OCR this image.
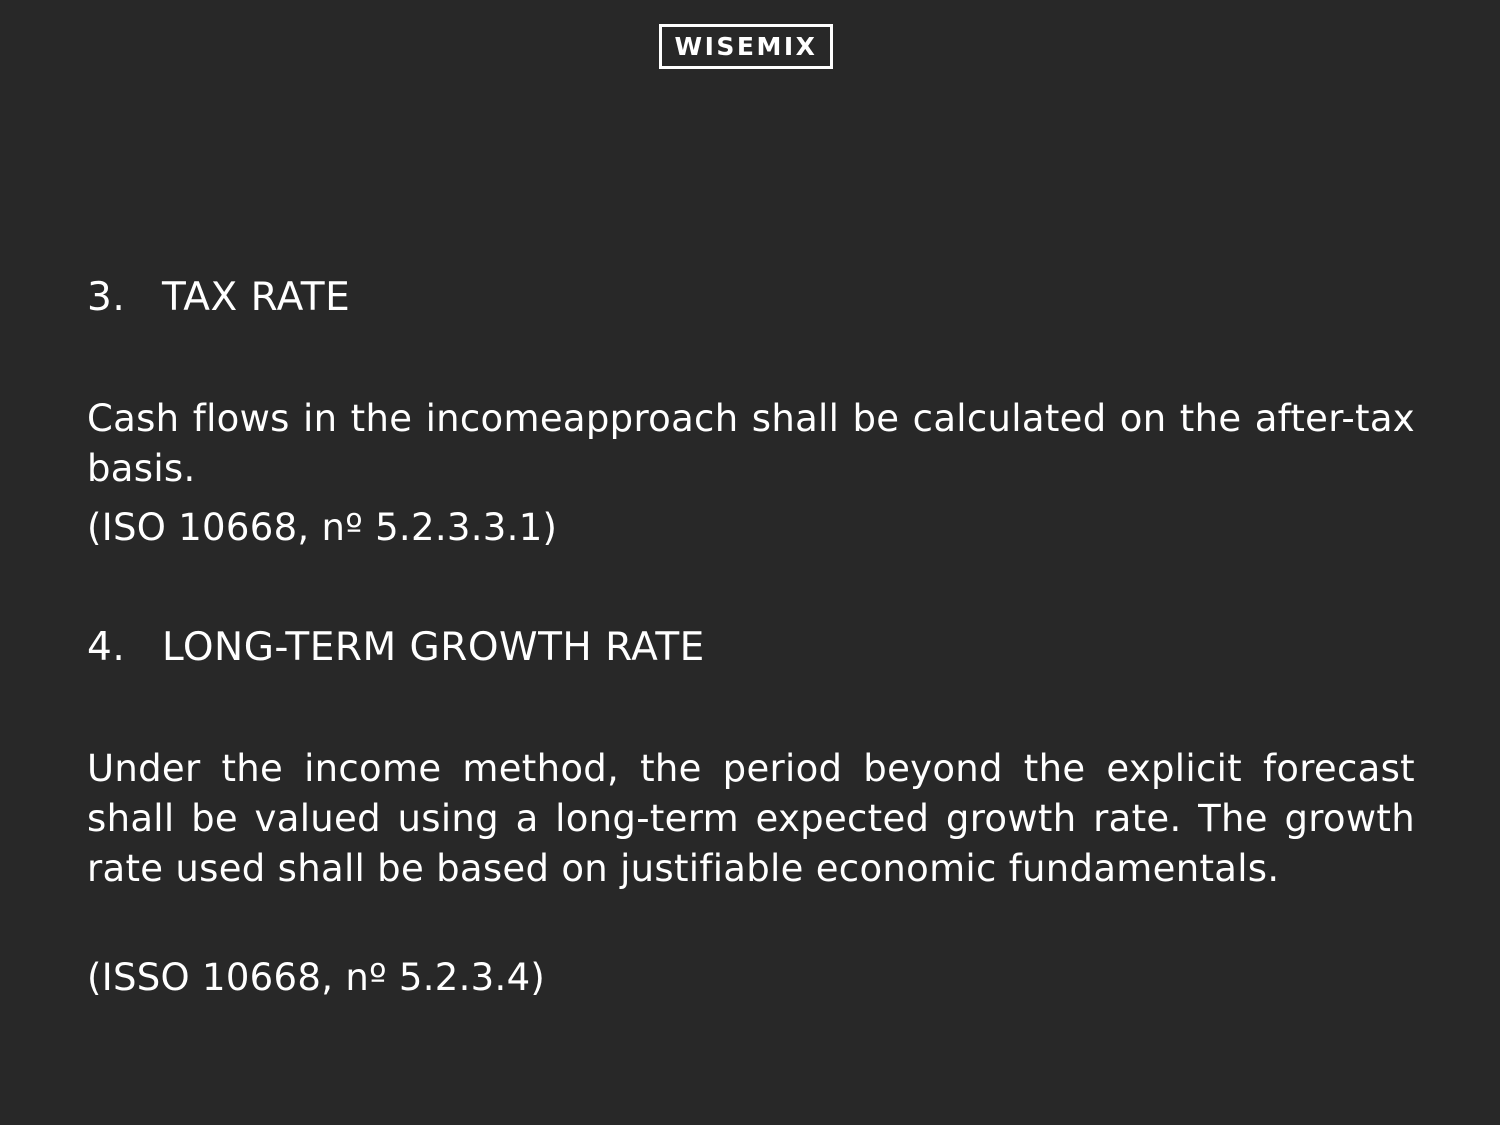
WISEMIX
3. TAX RATE
Cash flows in the incomeapproach shall be calculated on the after-tax basis.
(ISO 10668, nº 5.2.3.3.1)
4. LONG-TERM GROWTH RATE
Under the income method, the period beyond the explicit forecast shall be valued using a long-term expected growth rate. The growth rate used shall be based on justifiable economic fundamentals.
(ISSO 10668, nº 5.2.3.4)
